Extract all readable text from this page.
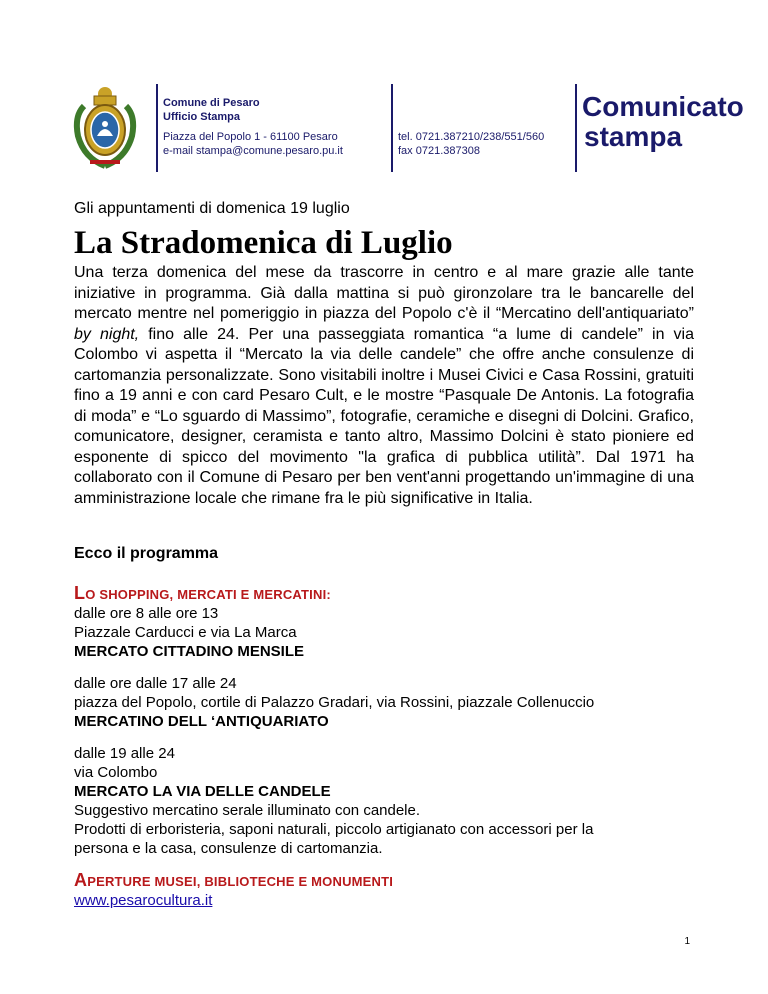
Comune di Pesaro
Ufficio Stampa
Piazza del Popolo 1 - 61100 Pesaro
e-mail stampa@comune.pesaro.pu.it
tel. 0721.387210/238/551/560
fax 0721.387308
Comunicato
stampa
Gli appuntamenti di domenica 19 luglio
La Stradomenica di Luglio

Una terza domenica del mese da trascorre in centro e al mare grazie alle tante iniziative in programma. Già dalla mattina si può gironzolare tra le bancarelle del mercato mentre nel pomeriggio in piazza del Popolo c'è il “Mercatino dell'antiquariato” by night, fino alle 24. Per una passeggiata romantica “a lume di candele” in via Colombo vi aspetta il “Mercato la via delle candele” che offre anche consulenze di cartomanzia personalizzate. Sono visitabili inoltre i Musei Civici e Casa Rossini, gratuiti fino a 19 anni e con card Pesaro Cult, e le mostre “Pasquale De Antonis. La fotografia di moda” e “Lo sguardo di Massimo”, fotografie, ceramiche e disegni di Dolcini. Grafico, comunicatore, designer, ceramista e tanto altro, Massimo Dolcini è stato pioniere ed esponente di spicco del movimento "la grafica di pubblica utilità”. Dal 1971 ha collaborato con il Comune di Pesaro per ben vent'anni progettando un'immagine di una amministrazione locale che rimane fra le più significative in Italia.

Ecco il programma
LO SHOPPING, MERCATI E MERCATINI:
dalle ore 8 alle ore 13
Piazzale Carducci e via La Marca
MERCATO CITTADINO MENSILE
dalle ore dalle 17 alle 24
piazza del Popolo, cortile di Palazzo Gradari, via Rossini, piazzale Collenuccio
MERCATINO DELL ‘ANTIQUARIATO
dalle 19 alle 24
via Colombo
MERCATO LA VIA DELLE CANDELE
Suggestivo mercatino serale illuminato con candele.
Prodotti di erboristeria, saponi naturali, piccolo artigianato con accessori per la
persona e la casa, consulenze di cartomanzia.
APERTURE MUSEI, BIBLIOTECHE E MONUMENTI
www.pesarocultura.it
1
